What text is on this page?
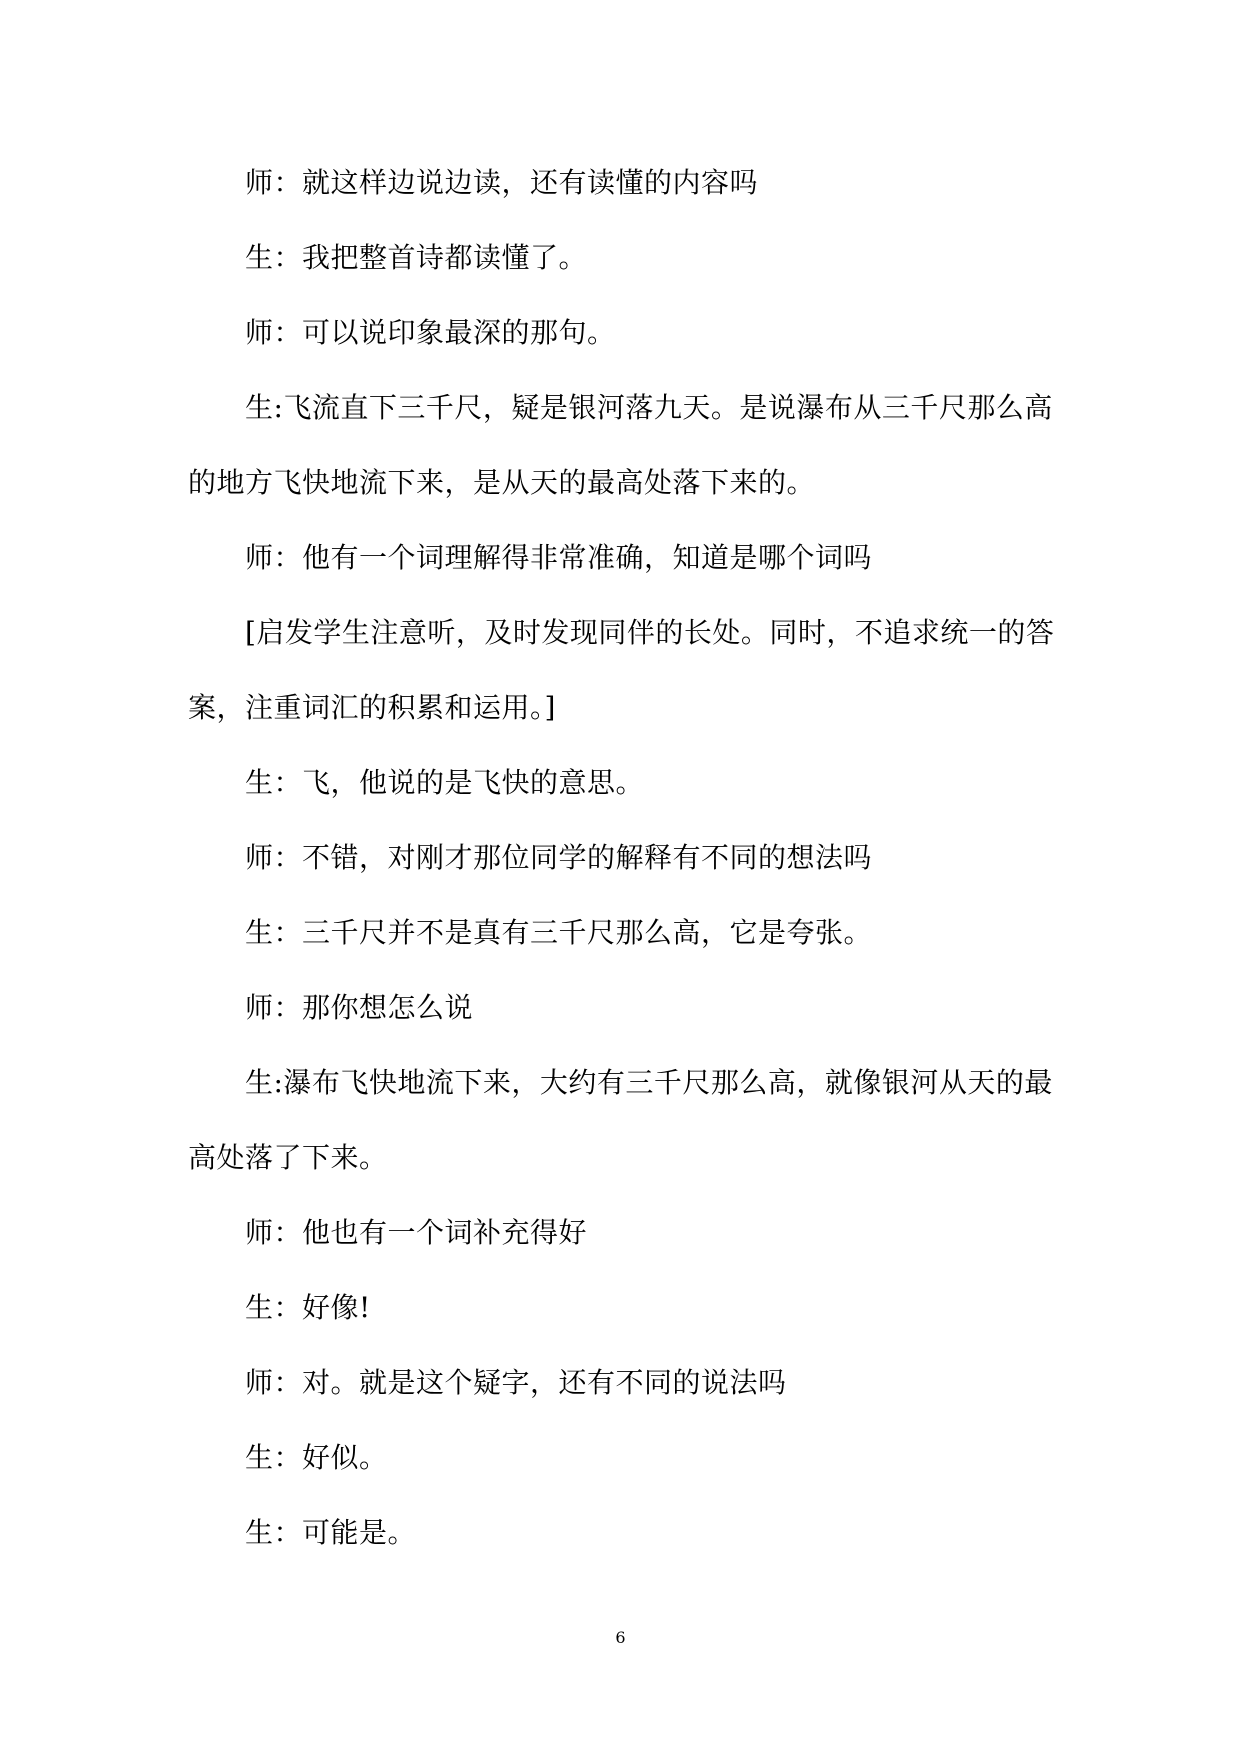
师：就这样边说边读，还有读懂的内容吗

生：我把整首诗都读懂了。

师：可以说印象最深的那句。

生:飞流直下三千尺，疑是银河落九天。是说瀑布从三千尺那么高的地方飞快地流下来，是从天的最高处落下来的。

师：他有一个词理解得非常准确，知道是哪个词吗

[启发学生注意听，及时发现同伴的长处。同时，不追求统一的答案，注重词汇的积累和运用。]

生：飞，他说的是飞快的意思。

师：不错，对刚才那位同学的解释有不同的想法吗

生：三千尺并不是真有三千尺那么高，它是夸张。

师：那你想怎么说

生:瀑布飞快地流下来，大约有三千尺那么高，就像银河从天的最高处落了下来。

师：他也有一个词补充得好

生：好像!

师：对。就是这个疑字，还有不同的说法吗

生：好似。

生：可能是。

6
